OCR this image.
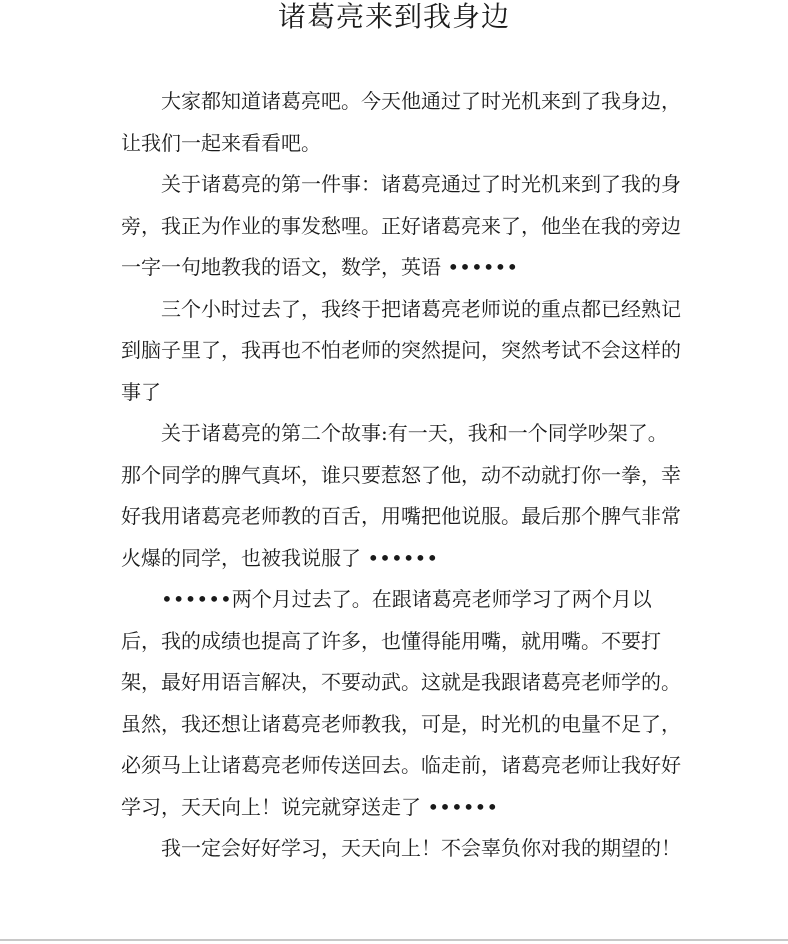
诸葛亮来到我身边

大家都知道诸葛亮吧。今天他通过了时光机来到了我身边，让我们一起来看看吧。

关于诸葛亮的第一件事：诸葛亮通过了时光机来到了我的身旁，我正为作业的事发愁哩。正好诸葛亮来了，他坐在我的旁边一字一句地教我的语文，数学，英语 ••••••

三个小时过去了，我终于把诸葛亮老师说的重点都已经熟记到脑子里了，我再也不怕老师的突然提问，突然考试不会这样的事了

关于诸葛亮的第二个故事:有一天，我和一个同学吵架了。那个同学的脾气真坏，谁只要惹怒了他，动不动就打你一拳，幸好我用诸葛亮老师教的百舌，用嘴把他说服。最后那个脾气非常火爆的同学，也被我说服了 ••••••

••••••两个月过去了。在跟诸葛亮老师学习了两个月以后，我的成绩也提高了许多，也懂得能用嘴，就用嘴。不要打架，最好用语言解决，不要动武。这就是我跟诸葛亮老师学的。虽然，我还想让诸葛亮老师教我，可是，时光机的电量不足了，必须马上让诸葛亮老师传送回去。临走前，诸葛亮老师让我好好学习，天天向上！说完就穿送走了 ••••••

我一定会好好学习，天天向上！不会辜负你对我的期望的！
